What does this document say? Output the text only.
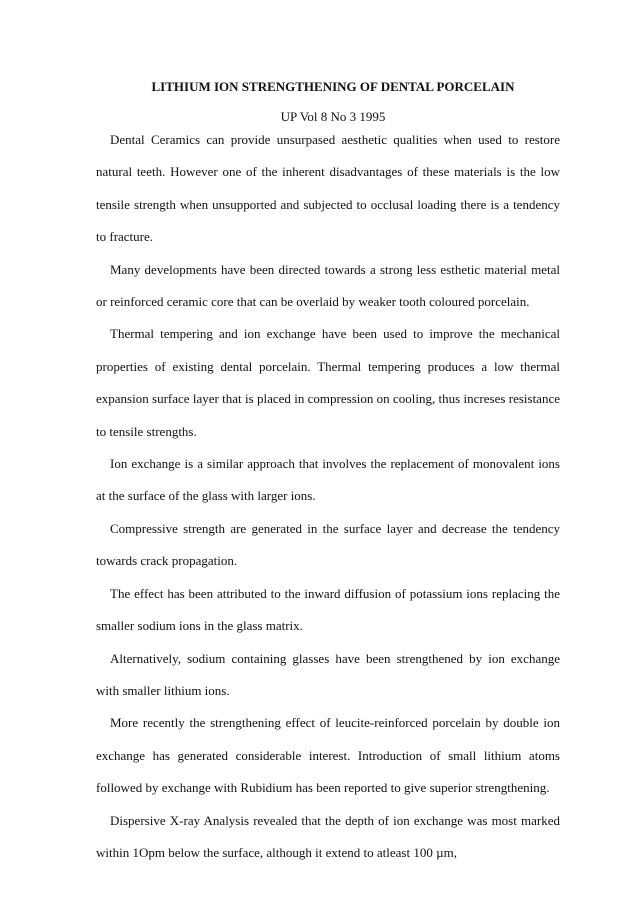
LITHIUM ION STRENGTHENING OF DENTAL PORCELAIN

UP Vol 8 No 3 1995

Dental Ceramics can provide unsurpased aesthetic qualities when used to restore natural teeth. However one of the inherent disadvantages of these materials is the low tensile strength when unsupported and subjected to occlusal loading there is a tendency to fracture.

Many developments have been directed towards a strong less esthetic material metal or reinforced ceramic core that can be overlaid by weaker tooth coloured porcelain.

Thermal tempering and ion exchange have been used to improve the mechanical properties of existing dental porcelain. Thermal tempering produces a low thermal expansion surface layer that is placed in compression on cooling, thus increses resistance to tensile strengths.

Ion exchange is a similar approach that involves the replacement of monovalent ions at the surface of the glass with larger ions.

Compressive strength are generated in the surface layer and decrease the tendency towards crack propagation.

The effect has been attributed to the inward diffusion of potassium ions replacing the smaller sodium ions in the glass matrix.

Alternatively, sodium containing glasses have been strengthened by ion exchange with smaller lithium ions.

More recently the strengthening effect of leucite-reinforced porcelain by double ion exchange has generated considerable interest. Introduction of small lithium atoms followed by exchange with Rubidium has been reported to give superior strengthening.

Dispersive X-ray Analysis revealed that the depth of ion exchange was most marked within 1Opm below the surface, although it extend to atleast 100 µm,
